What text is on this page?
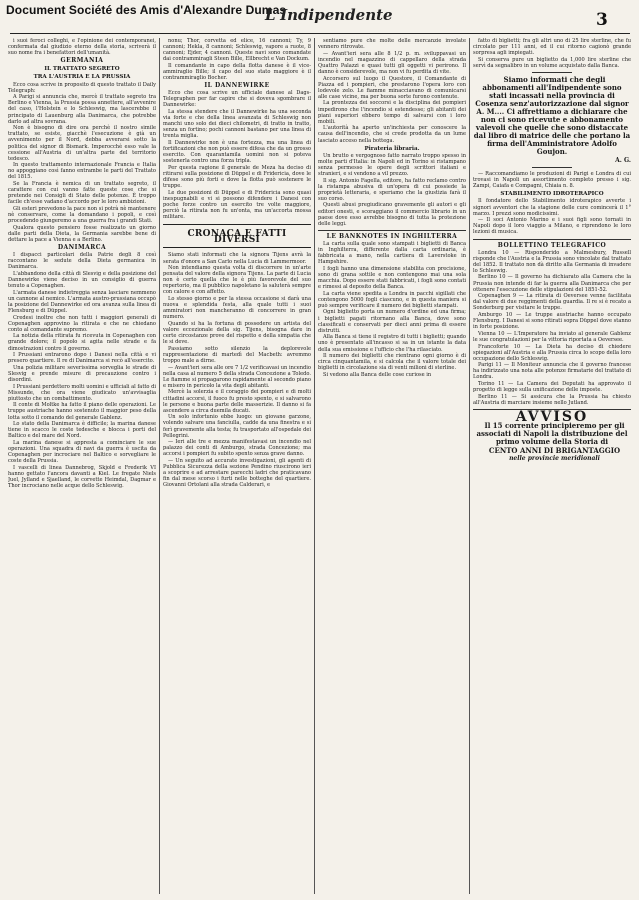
Document Société des Amis d'Alexandre Dumas
L'Indipendente	3

i suoi feroci colleghi, e l'opinione dei contemporanei, confermata dal giudizio eterno della storia, scriverà il suo nome fra i benefattori dell'umanità.

GERMANIA
IL TRATTATO SEGRETO
TRA L'AUSTRIA E LA PRUSSIA

Ecco cosa scrive in proposito di questo trattato il Daily Telegraph:

A Parigi si annuncia che, mercè il trattato segreto tra Berlino e Vienna, la Prussia possa annettere, all'avvenire del caso, l'Holstein e lo Schleswig, ma lascerebbe il principato di Lauenburg alla Danimarca, che potrebbe darlo ad altra sovrana.

Non è bisogno di dire ora perchè il nostro simile trattato, se esiste, giacchè l'esecuzione è già un avvenimento per il Nord, debba avverarsi sotto la politica del signor di Bismark. Imperocchè esso vale la cessione all'Austria di un'altra parte del territorio tedesco.

In questo trattamento internazionale Francia e Italia no appoggiano così fanno entrambe le parti del Trattato del 1815.

Se la Francia è nemica di un trattato segreto, il carattere con cui vanno fatte queste cose che si pretende nei Consigli di Stato delle potenze. È troppo facile ch'esse vadano d'accordo per le loro ambizioni.

Gli esteri prevedono la pace non si potrà nè mantenere nè conservare, come la domandano i popoli, e così procedendo giungeremo a una guerra fra i grandi Stati.

Qualora questo pensiero fosse realizzato un giorno dalle parti della Dieta, la Germania sarebbe bene di dettare la pace a Vienna e a Berlino.

DANIMARCA

I dispacci particolari della Patrie degli 8 così raccontano le sedute della Dieta germanica in Danimarca.

L'abbandono della città di Slesvig e della posizione del Dannewirke viene deciso in un consiglio di guerra tenuto a Copenaghen.

L'armata danese indietreggia senza lasciare nemmeno un cannone al nemico. L'armata austro-prussiana occupò la posizione del Dannewirke ed ora avanza sulla linea di Flensburg e di Düppel.

Credesi inoltre che non tutti i maggiori generali di Copenaghen approvino la ritirata e che ne chiedano conto al comandante supremo.

La notizia della ritirata fu ricevuta in Copenaghen con grande dolore; il popolo si agita nelle strade e fa dimostrazioni contro il governo.

I Prussiani entrarono dopo i Danesi nella città e vi presero quartiere. Il re di Danimarca si recò all'esercito.

Una polizia militare severissima sorveglia le strade di Slesvig e prende misure di precauzione contro i disordini.

I Prussiani perdettero molti uomini e ufficiali al fatto di Missunde, che ora viene giudicato un'avvisaglia piuttosto che un combattimento.

Il conte di Moltke ha fatto il piano delle operazioni. Le truppe austriache hanno sostenuto il maggior peso della lotta sotto il comando del generale Gablenz.

Lo stato della Danimarca è difficile; la marina danese tiene in scacco le coste tedesche e blocca i porti del Baltico e del mare del Nord.

La marina danese si appresta a cominciare le sue operazioni. Una squadra di navi da guerra è uscita da Copenaghen per incrociare nel Baltico e sorvegliare le coste della Prussia.

I vascelli di linea Dannebrog, Skjold e Frederik VI hanno gettato l'ancora davanti a Kiel. Le fregate Niels Juel, Jylland e Sjaelland, le corvette Heimdal, Dagmar e Thor incrociano nelle acque dello Schleswig.

nonu; Thor, corvetta ed elice, 16 cannoni; Ty, 9 cannoni; Hekla, 8 cannoni; Schleswig, vapore a ruote, 8 cannoni; Ejder, 4 cannoni. Queste navi sono comandate dai contrammiragli Steen Bille, Ellbrecht e Van Dockum.

Il comandante in capo della flotta danese è il vice-ammiraglio Bille; il capo del suo stato maggiore è il contrammiraglio Bocher.

IL DANNEWIRKE

Ecco che cosa scrive un ufficiale danese al Dags-Telegraphen per far capire che si doveva sgombrare il Dannewirke:

La stessa stendere che il Dannewirke ha una seconda via forte e che della linea avanzata di Schleswig non manchi uno solo dei dieci chilometri, di tratto in tratto, senza un fortino; pochi cannoni bastano per una linea di trenta miglia.

Il Dannewirke non è una fortezza, ma una linea di fortificazioni che non può essere difesa che da un grosso esercito. Con quarantamila uomini non si poteva sostenerla contro una forza tripla.

Per questa ragione il generale de Meza ha deciso di ritirarsi sulla posizione di Düppel e di Fridericia, dove le difese sono più forti e dove la flotta può sostenere le truppe.

Le due posizioni di Düppel e di Fridericia sono quasi inespugnabili e vi si possono difendere i Danesi con poche forze contro un esercito tre volte maggiore, perciò la ritirata non fu un'onta, ma un'accorta mossa militare.

CRONACA E FATTI DIVERSI

Siamo stati informati che la signora Tijens avrà la serata d'onore a San Carlo nella Lucia di Lammermoor.

Non intendiamo questa volta di discorrere in un'arte pensata del valore della signora Tijens. La parte di Lucia non è certo quella che le è più favorevole del suo repertorio, ma il pubblico napoletano la saluterà sempre con calore e con affetto.

Lo stesso giorno e per la stessa occasione si darà una nuova e splendida festa, alla quale tutti i suoi ammiratori non mancheranno di concorrere in gran numero.

Quando si ha la fortuna di possedere un artista del valore eccezionale della sig. Tijens, bisogna dare in certe circostanze prove del rispetto e della simpatia che le si deve.

Passiamo sotto silenzio la deplorevole rappresentazione di martedì del Macbeth: avremmo troppo male a dirne.

— Avant'ieri sera alle ore 7 1/2 verificavasi un incendio nella casa al numero 5 della strada Concezione a Toledo. Le fiamme si propagarono rapidamente al secondo piano e misero in pericolo la vita degli abitanti.

Mercè la solerzia e il coraggio dei pompieri e di molti cittadini accorsi, il fuoco fu presto spento, e si salvarono le persone e buona parte delle masserizie. Il danno si fa ascendere a circa duemila ducati.

Un solo infortunio ebbe luogo: un giovane garzone, volendo salvare una fanciulla, cadde da una finestra e si ferì gravemente alla testa; fu trasportato all'ospedale dei Pellegrini.

— Ieri alle tre e mezza manifestavasi un incendio nel palazzo dei conti di Amburgo, strada Concezione; ma accorsi i pompieri fu subito spento senza grave danno.

— Un seguito ad accurate investigazioni, gli agenti di Pubblica Sicurezza della sezione Pendino riuscirono ieri a scoprire e ad arrestare parecchi ladri che praticavano fin dal mese scorso i furti nelle botteghe del quartiere. Giovanni Ortolani alla strada Calderari, e

sentiamo pure che molte delle mercanzie involate vennero ritrovate.

— Avant'ieri sera alle 8 1/2 p. m. sviluppavasi un incendio nel magazzino di cappellaro della strada Quattro Palazzi e quasi tutti gli oggetti vi perirono. Il danno è considerevole, ma non vi fu perdita di vite.

Accorsero sul luogo il Questore, il Comandante di Piazza ed i pompieri, che prestarono l'opera loro con lodevole zelo. Le fiamme minacciavano di comunicarsi alle case vicine, ma per buona sorte furono contenute.

La prontezza dei soccorsi e la disciplina dei pompieri impedirono che l'incendio si estendesse; gli abitanti dei piani superiori ebbero tempo di salvarsi con i loro mobili.

L'autorità ha aperto un'inchiesta per conoscere la causa dell'incendio, che si crede prodotta da un lume lasciato acceso nella bottega.

Pirateria libraria.

Un brutto e vergognoso fatto narrato troppo spesso in molte parti d'Italia: in Napoli ed in Torino si ristampano senza permesso le opere degli scrittori italiani e stranieri, e si vendono a vil prezzo.

Il sig. Antonio Fagella, editore, ha fatto reclamo contro la ristampa abusiva di un'opera di cui possiede la proprietà letteraria, e speriamo che la giustizia farà il suo corso.

Questi abusi pregiudicano gravemente gli autori e gli editori onesti, e scoraggiano il commercio librario in un paese dove esso avrebbe bisogno di tutta la protezione delle leggi.

LE BANKNOTES IN INGHILTERRA

La carta sulla quale sono stampati i biglietti di Banca in Inghilterra, differente dalla carta ordinaria, è fabbricata a mano, nella cartiera di Laverstoke in Hampshire.

I fogli hanno una dimensione stabilita con precisione, sono di grana sottile e non contengono mai una sola macchia. Dopo essere stati fabbricati, i fogli sono contati e rimessi al deposito della Banca.

La carta viene spedita a Londra in pacchi sigillati che contengono 5000 fogli ciascuno, e in questa maniera si può sempre verificare il numero dei biglietti stampati.

Ogni biglietto porta un numero d'ordine ed una firma; i biglietti pagati ritornano alla Banca, dove sono classificati e conservati per dieci anni prima di essere distrutti.

Alla Banca si tiene il registro di tutti i biglietti; quando uno è presentato all'incasso si sa in un istante la data della sua emissione e l'ufficio che l'ha rilasciato.

Il numero dei biglietti che rientrano ogni giorno è di circa cinquantamila, e si calcola che il valore totale dei biglietti in circolazione sia di venti milioni di sterline.

Si vedono alla Banca delle cose curiose in

fatto di biglietti; fra gli altri uno di 25 lire sterline, che fu circolato per 111 anni, ed il cui ritorno cagionò grande sorpresa agli impiegati.

Si conserva pure un biglietto da 1,000 lire sterline che servì da segnalibro in un volume acquistato dalla Banca.

Siamo informati che degli abbonamenti all'Indipendente sono stati incassati nella provincia di Cosenza senz'autorizzazione dal signor A. M.... Ci affrettiamo a dichiarare che non ci sono ricevute e abbonamento valevoli che quelle che sono distaccate dal libro di matrice delle che portano la firma dell'Amministratore Adolfo Goujon.

A. G.

— Raccomandiamo le produzioni di Parigi e Londra di cui trovasi in Napoli un assortimento completo presso i sig. Zampi, Caiafa e Compagni, Chiaia n. 8.

STABILIMENTO IDROTERAPICO

Il fondatore dello Stabilimento idroterapico avverte i signori avventori che la stagione delle cure comincerà il 1° marzo. I prezzi sono modicissimi.

— Il soci Antonio Marino e i suoi figli sono tornati in Napoli dopo il loro viaggio a Milano, e riprendono le loro lezioni di musica.

BOLLETTINO TELEGRAFICO

Londra 10 — Risponderido a Malmesbury, Russell risponde che l'Austria e la Prussia sono vincolate dal trattato del 1852. Il trattato non dà diritto alla Germania di invadere lo Schleswig.

Berlino 10 — Il governo ha dichiarato alla Camera che la Prussia non intende di far la guerra alla Danimarca che per ottenere l'esecuzione delle stipulazioni del 1851-52.

Copenaghen 9 — La ritirata di Oeversee venne facilitata dal valore di due reggimenti della guardia. Il re si è recato a Sonderburg per visitare le truppe.

Amburgo 10 — Le truppe austriache hanno occupato Flensburg. I Danesi si sono ritirati sopra Düppel dove stanno in forte posizione.

Vienna 10 — L'Imperatore ha inviato al generale Gablenz le sue congratulazioni per la vittoria riportata a Oeversee.

Francoforte 10 — La Dieta ha deciso di chiedere spiegazioni all'Austria e alla Prussia circa lo scopo della loro occupazione dello Schleswig.

Parigi 11 — Il Moniteur annuncia che il governo francese ha indirizzato una nota alle potenze firmatarie del trattato di Londra.

Torino 11 — La Camera dei Deputati ha approvato il progetto di legge sulla unificazione delle imposte.

Berlino 11 — Si assicura che la Prussia ha chiesto all'Austria di marciare insieme nello Jutland.

AVVISO

Il 15 corrente principieremo per gli associati di Napoli la distribuzione del primo volume della Storia di

CENTO ANNI DI BRIGANTAGGIO

nelle provincie meridionali
